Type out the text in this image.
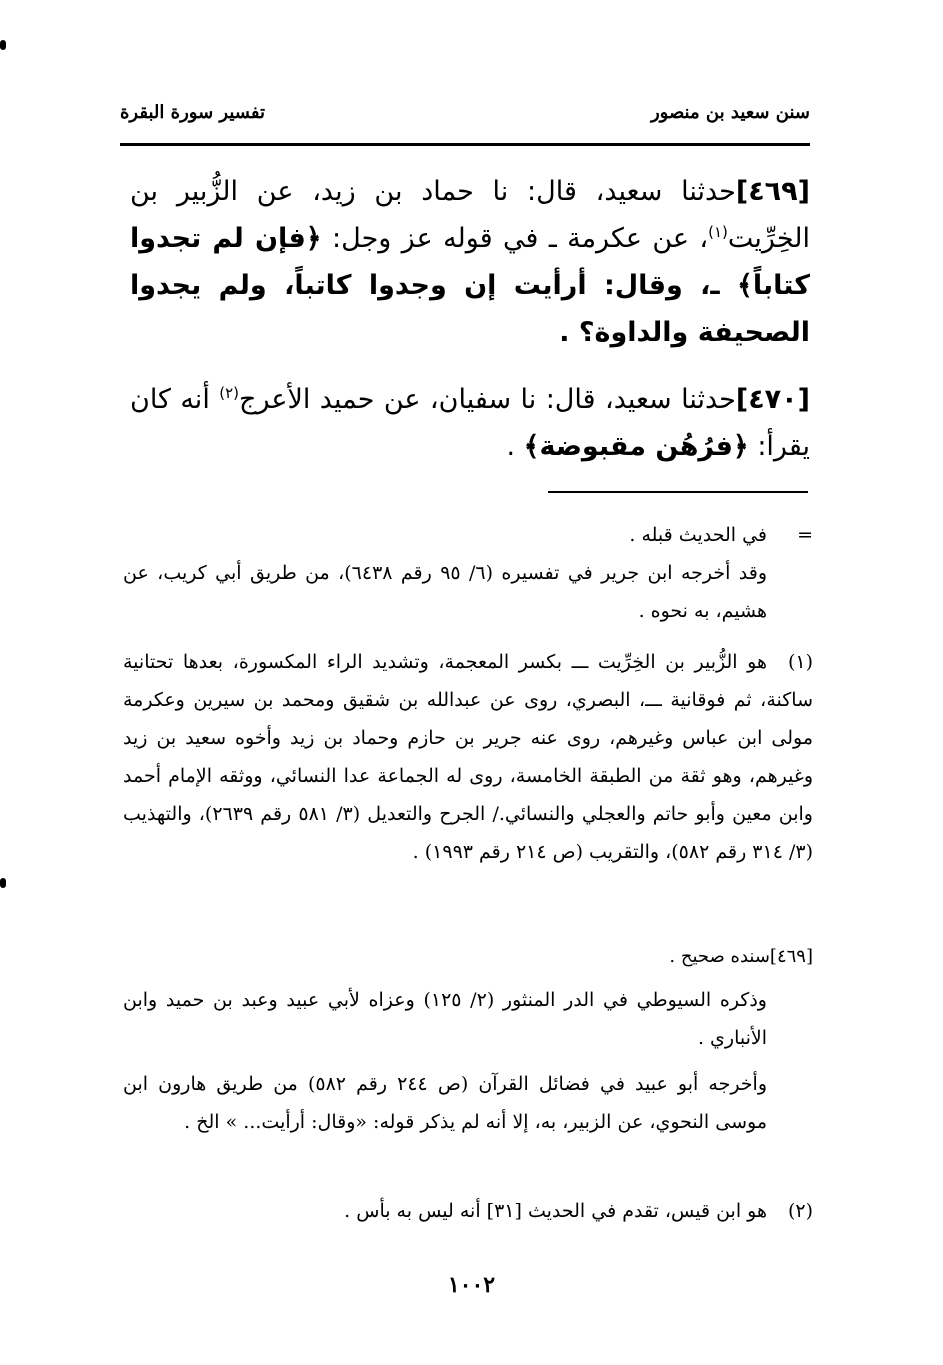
سنن سعيد بن منصور
تفسير سورة البقرة
[٤٦٩]حدثنا سعيد، قال: نا حماد بن زيد، عن الزُّبير بن الخِرِّيت$^{(١)}$، عن عكرمة ـ في قوله عز وجل: ﴿فإن لم تجدوا كتاباً﴾ ـ، وقال: أرأيت إن وجدوا كاتباً، ولم يجدوا الصحيفة والداوة؟ .
[٤٧٠]حدثنا سعيد، قال: نا سفيان، عن حميد الأعرج$^{(٢)}$ أنه كان يقرأ: ﴿فرُهُن مقبوضة﴾ .
=في الحديث قبله .
وقد أخرجه ابن جرير في تفسيره (٦/ ٩٥ رقم ٦٤٣٨)، من طريق أبي كريب، عن هشيم، به نحوه .
(١)هو الزُّبير بن الخِرِّيت ـــ بكسر المعجمة، وتشديد الراء المكسورة، بعدها تحتانية ساكنة، ثم فوقانية ـــ، البصري، روى عن عبدالله بن شقيق ومحمد بن سيرين وعكرمة مولى ابن عباس وغيرهم، روى عنه جرير بن حازم وحماد بن زيد وأخوه سعيد بن زيد وغيرهم، وهو ثقة من الطبقة الخامسة، روى له الجماعة عدا النسائي، ووثقه الإمام أحمد وابن معين وأبو حاتم والعجلي والنسائي./ الجرح والتعديل (٣/ ٥٨١ رقم ٢٦٣٩)، والتهذيب (٣/ ٣١٤ رقم ٥٨٢)، والتقريب (ص ٢١٤ رقم ١٩٩٣) .
[٤٦٩]سنده صحيح .
وذكره السيوطي في الدر المنثور (٢/ ١٢٥) وعزاه لأبي عبيد وعبد بن حميد وابن الأنباري .
وأخرجه أبو عبيد في فضائل القرآن (ص ٢٤٤ رقم ٥٨٢) من طريق هارون ابن موسى النحوي، عن الزبير، به، إلا أنه لم يذكر قوله: «وقال: أرأيت... » الخ .
(٢)هو ابن قيس، تقدم في الحديث [٣١] أنه ليس به بأس .
١٠٠٢
